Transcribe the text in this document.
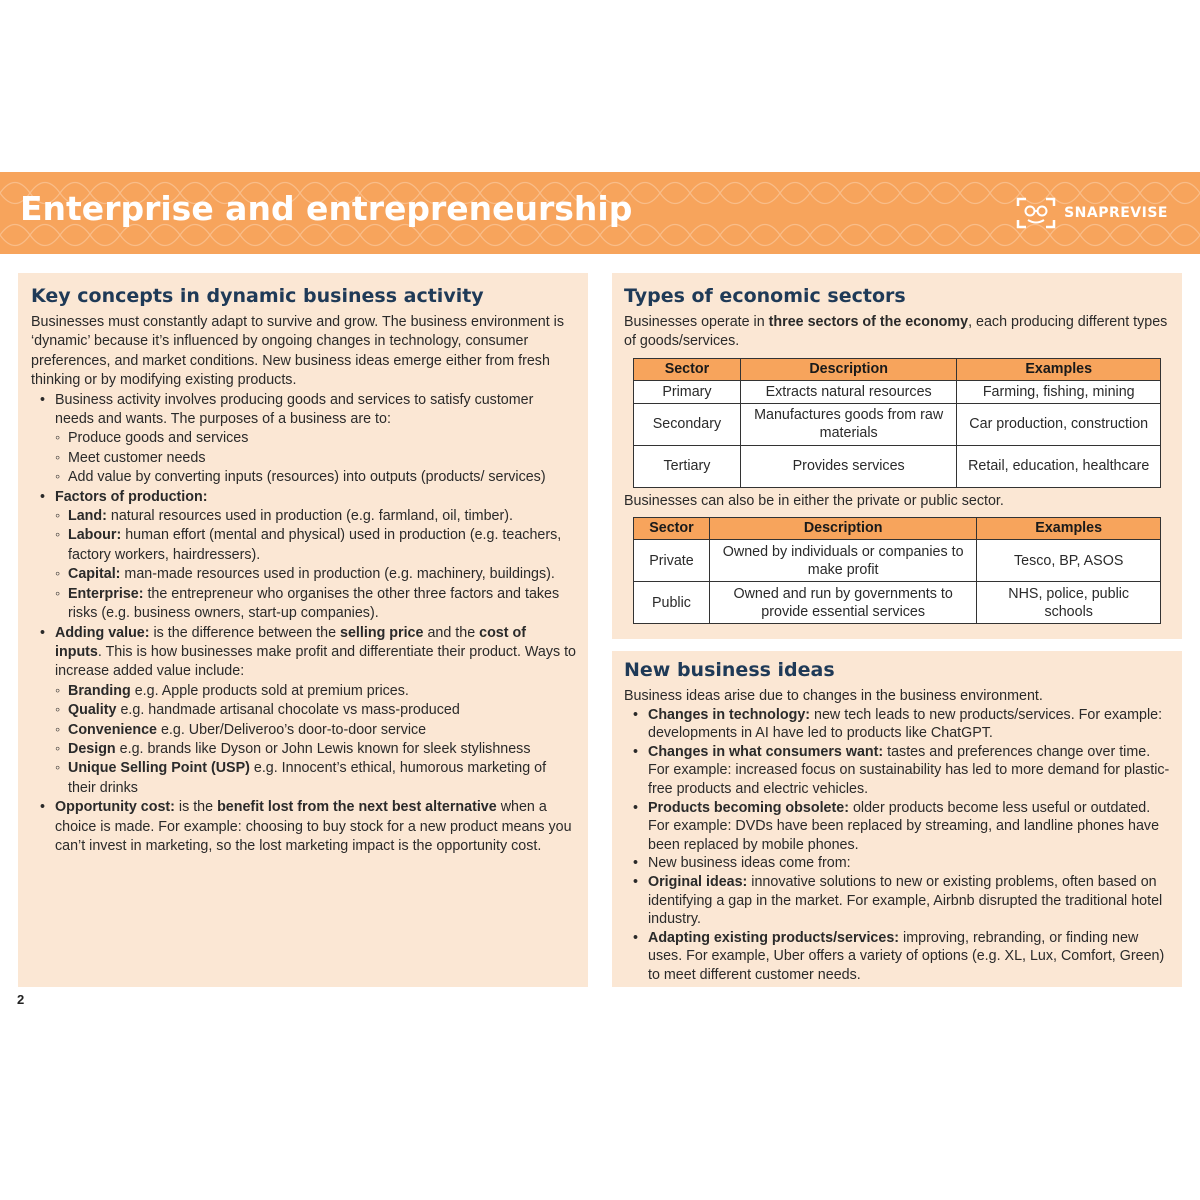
Enterprise and entrepreneurship	SNAPREVISE
Key concepts in dynamic business activity

Businesses must constantly adapt to survive and grow. The business environment is ‘dynamic’ because it’s influenced by ongoing changes in technology, consumer preferences, and market conditions. New business ideas emerge either from fresh thinking or by modifying existing products.

• Business activity involves producing goods and services to satisfy customer needs and wants. The purposes of a business are to:
◦ Produce goods and services
◦ Meet customer needs
◦ Add value by converting inputs (resources) into outputs (products/ services)
• Factors of production:
◦ Land: natural resources used in production (e.g. farmland, oil, timber).
◦ Labour: human effort (mental and physical) used in production (e.g. teachers, factory workers, hairdressers).
◦ Capital: man-made resources used in production (e.g. machinery, buildings).
◦ Enterprise: the entrepreneur who organises the other three factors and takes risks (e.g. business owners, start-up companies).
• Adding value: is the difference between the selling price and the cost of inputs. This is how businesses make profit and differentiate their product. Ways to increase added value include:
◦ Branding e.g. Apple products sold at premium prices.
◦ Quality e.g. handmade artisanal chocolate vs mass-produced
◦ Convenience e.g. Uber/Deliveroo’s door-to-door service
◦ Design e.g. brands like Dyson or John Lewis known for sleek stylishness
◦ Unique Selling Point (USP) e.g. Innocent’s ethical, humorous marketing of their drinks
• Opportunity cost: is the benefit lost from the next best alternative when a choice is made. For example: choosing to buy stock for a new product means you can’t invest in marketing, so the lost marketing impact is the opportunity cost.
Types of economic sectors

Businesses operate in three sectors of the economy, each producing different types of goods/services.

Sector	Description	Examples
Primary	Extracts natural resources	Farming, fishing, mining
Secondary	Manufactures goods from raw materials	Car production, construction
Tertiary	Provides services	Retail, education, healthcare

Businesses can also be in either the private or public sector.

Sector	Description	Examples
Private	Owned by individuals or companies to make profit	Tesco, BP, ASOS
Public	Owned and run by governments to provide essential services	NHS, police, public schools
New business ideas

Business ideas arise due to changes in the business environment.

• Changes in technology: new tech leads to new products/services. For example: developments in AI have led to products like ChatGPT.
• Changes in what consumers want: tastes and preferences change over time. For example: increased focus on sustainability has led to more demand for plastic-free products and electric vehicles.
• Products becoming obsolete: older products become less useful or outdated. For example: DVDs have been replaced by streaming, and landline phones have been replaced by mobile phones.
• New business ideas come from:
• Original ideas: innovative solutions to new or existing problems, often based on identifying a gap in the market. For example, Airbnb disrupted the traditional hotel industry.
• Adapting existing products/services: improving, rebranding, or finding new uses. For example, Uber offers a variety of options (e.g. XL, Lux, Comfort, Green) to meet different customer needs.
2
